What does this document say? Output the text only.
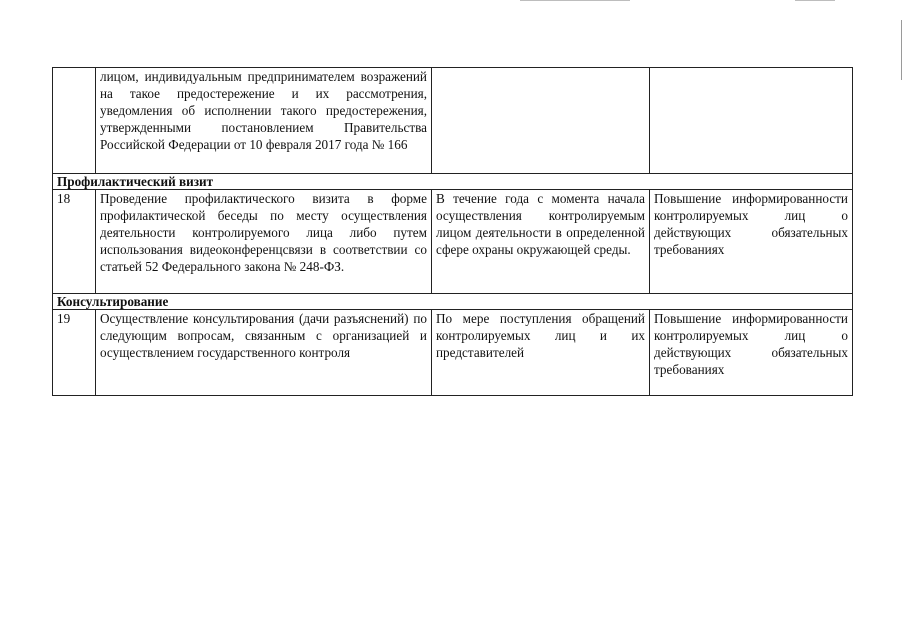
	лицом, индивидуальным предпринимателем возражений на такое предостережение и их рассмотрения, уведомления об исполнении такого предостережения, утвержденными постановлением Правительства Российской Федерации от 10 февраля 2017 года № 166		
Профилактический визит			
18	Проведение профилактического визита в форме профилактической беседы по месту осуществления деятельности контролируемого лица либо путем использования видеоконференцсвязи в соответствии со статьей 52 Федерального закона № 248-ФЗ.	В течение года с момента начала осуществления контролируемым лицом деятельности в определенной сфере охраны окружающей среды.	Повышение информированности контролируемых лиц о действующих обязательных требованиях
Консультирование			
19	Осуществление консультирования (дачи разъяснений) по следующим вопросам, связанным с организацией и осуществлением государственного контроля	По мере поступления обращений контролируемых лиц и их представителей	Повышение информированности контролируемых лиц о действующих обязательных требованиях
